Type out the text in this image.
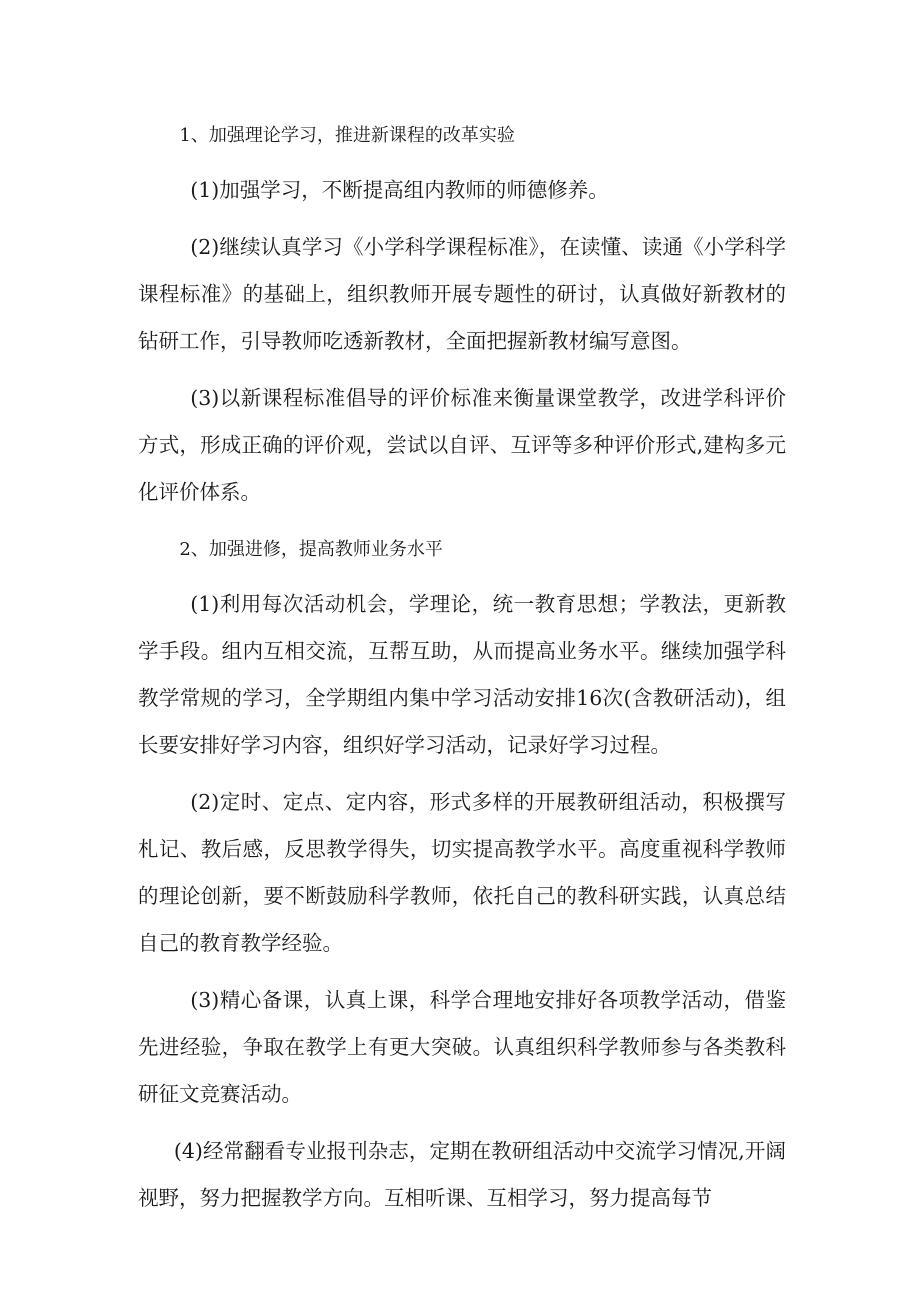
1、加强理论学习，推进新课程的改革实验

(1)加强学习，不断提高组内教师的师德修养。

(2)继续认真学习《小学科学课程标准》，在读懂、读通《小学科学课程标准》的基础上，组织教师开展专题性的研讨，认真做好新教材的钻研工作，引导教师吃透新教材，全面把握新教材编写意图。

(3)以新课程标准倡导的评价标准来衡量课堂教学，改进学科评价方式，形成正确的评价观，尝试以自评、互评等多种评价形式,建构多元化评价体系。

2、加强进修，提高教师业务水平

(1)利用每次活动机会，学理论，统一教育思想；学教法，更新教学手段。组内互相交流，互帮互助，从而提高业务水平。继续加强学科教学常规的学习，全学期组内集中学习活动安排16次(含教研活动)，组长要安排好学习内容，组织好学习活动，记录好学习过程。

(2)定时、定点、定内容，形式多样的开展教研组活动，积极撰写札记、教后感，反思教学得失，切实提高教学水平。高度重视科学教师的理论创新，要不断鼓励科学教师，依托自己的教科研实践，认真总结自己的教育教学经验。

(3)精心备课，认真上课，科学合理地安排好各项教学活动，借鉴先进经验，争取在教学上有更大突破。认真组织科学教师参与各类教科研征文竞赛活动。

(4)经常翻看专业报刊杂志，定期在教研组活动中交流学习情况,开阔视野，努力把握教学方向。互相听课、互相学习，努力提高每节
